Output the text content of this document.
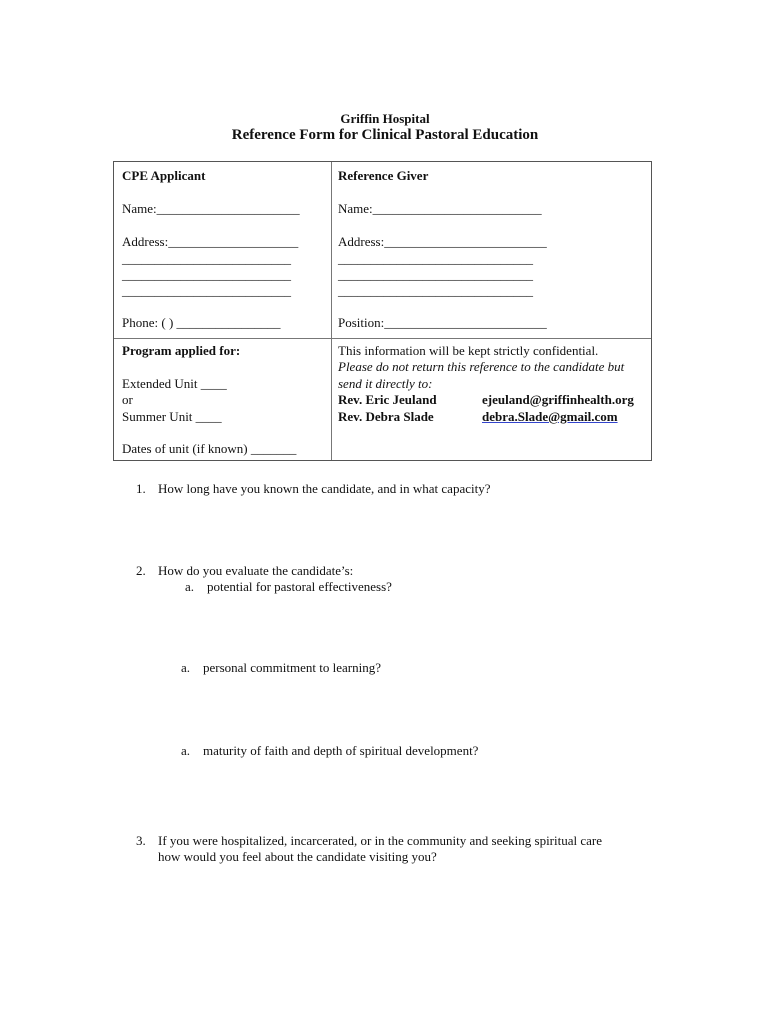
Griffin Hospital
Reference Form for Clinical Pastoral Education
CPE Applicant
Name:______________________
Address:____________________
__________________________
__________________________
__________________________
Phone: ( ) ________________
Reference Giver
Name:__________________________
Address:_________________________
______________________________
______________________________
______________________________
Position:_________________________
Program applied for:
Extended Unit ____
or
Summer Unit ____
Dates of unit (if known) _______
This information will be kept strictly confidential.
Please do not return this reference to the candidate but
send it directly to:
Rev. Eric Jeuland	ejeuland@griffinhealth.org
Rev. Debra Slade	debra.Slade@gmail.com
1. How long have you known the candidate, and in what capacity?
2. How do you evaluate the candidate’s:
a. potential for pastoral effectiveness?
a. personal commitment to learning?
a. maturity of faith and depth of spiritual development?
3. If you were hospitalized, incarcerated, or in the community and seeking spiritual care
how would you feel about the candidate visiting you?
